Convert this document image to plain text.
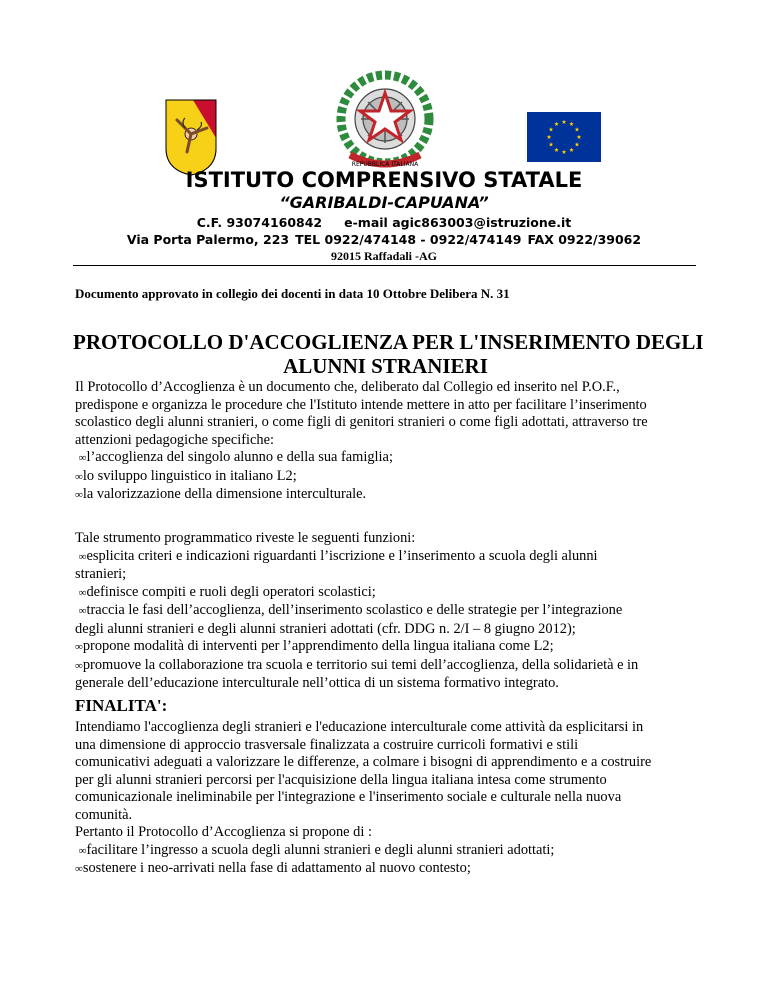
REPUBBLICA ITALIANA
ISTITUTO COMPRENSIVO STATALE
“GARIBALDI-CAPUANA”
C.F. 93074160842 e-mail agic863003@istruzione.it
Via Porta Palermo, 223 TEL 0922/474148 - 0922/474149 FAX 0922/39062
92015 Raffadali -AG
Documento approvato in collegio dei docenti in data 10 Ottobre Delibera N. 31
PROTOCOLLO D'ACCOGLIENZA PER L'INSERIMENTO DEGLI
ALUNNI STRANIERI
Il Protocollo d’Accoglienza è un documento che, deliberato dal Collegio ed inserito nel P.O.F.,
predispone e organizza le procedure che l'Istituto intende mettere in atto per facilitare l’inserimento
scolastico degli alunni stranieri, o come figli di genitori stranieri o come figli adottati, attraverso tre
attenzioni pedagogiche specifiche:
∞l’accoglienza del singolo alunno e della sua famiglia;
∞lo sviluppo linguistico in italiano L2;
∞la valorizzazione della dimensione interculturale.
Tale strumento programmatico riveste le seguenti funzioni:
∞esplicita criteri e indicazioni riguardanti l’iscrizione e l’inserimento a scuola degli alunni
stranieri;
∞definisce compiti e ruoli degli operatori scolastici;
∞traccia le fasi dell’accoglienza, dell’inserimento scolastico e delle strategie per l’integrazione
degli alunni stranieri e degli alunni stranieri adottati (cfr. DDG n. 2/I – 8 giugno 2012);
∞propone modalità di interventi per l’apprendimento della lingua italiana come L2;
∞promuove la collaborazione tra scuola e territorio sui temi dell’accoglienza, della solidarietà e in
generale dell’educazione interculturale nell’ottica di un sistema formativo integrato.
FINALITA':
Intendiamo l'accoglienza degli stranieri e l'educazione interculturale come attività da esplicitarsi in
una dimensione di approccio trasversale finalizzata a costruire curricoli formativi e stili
comunicativi adeguati a valorizzare le differenze, a colmare i bisogni di apprendimento e a costruire
per gli alunni stranieri percorsi per l'acquisizione della lingua italiana intesa come strumento
comunicazionale ineliminabile per l'integrazione e l'inserimento sociale e culturale nella nuova
comunità.
Pertanto il Protocollo d’Accoglienza si propone di :
∞facilitare l’ingresso a scuola degli alunni stranieri e degli alunni stranieri adottati;
∞sostenere i neo-arrivati nella fase di adattamento al nuovo contesto;
